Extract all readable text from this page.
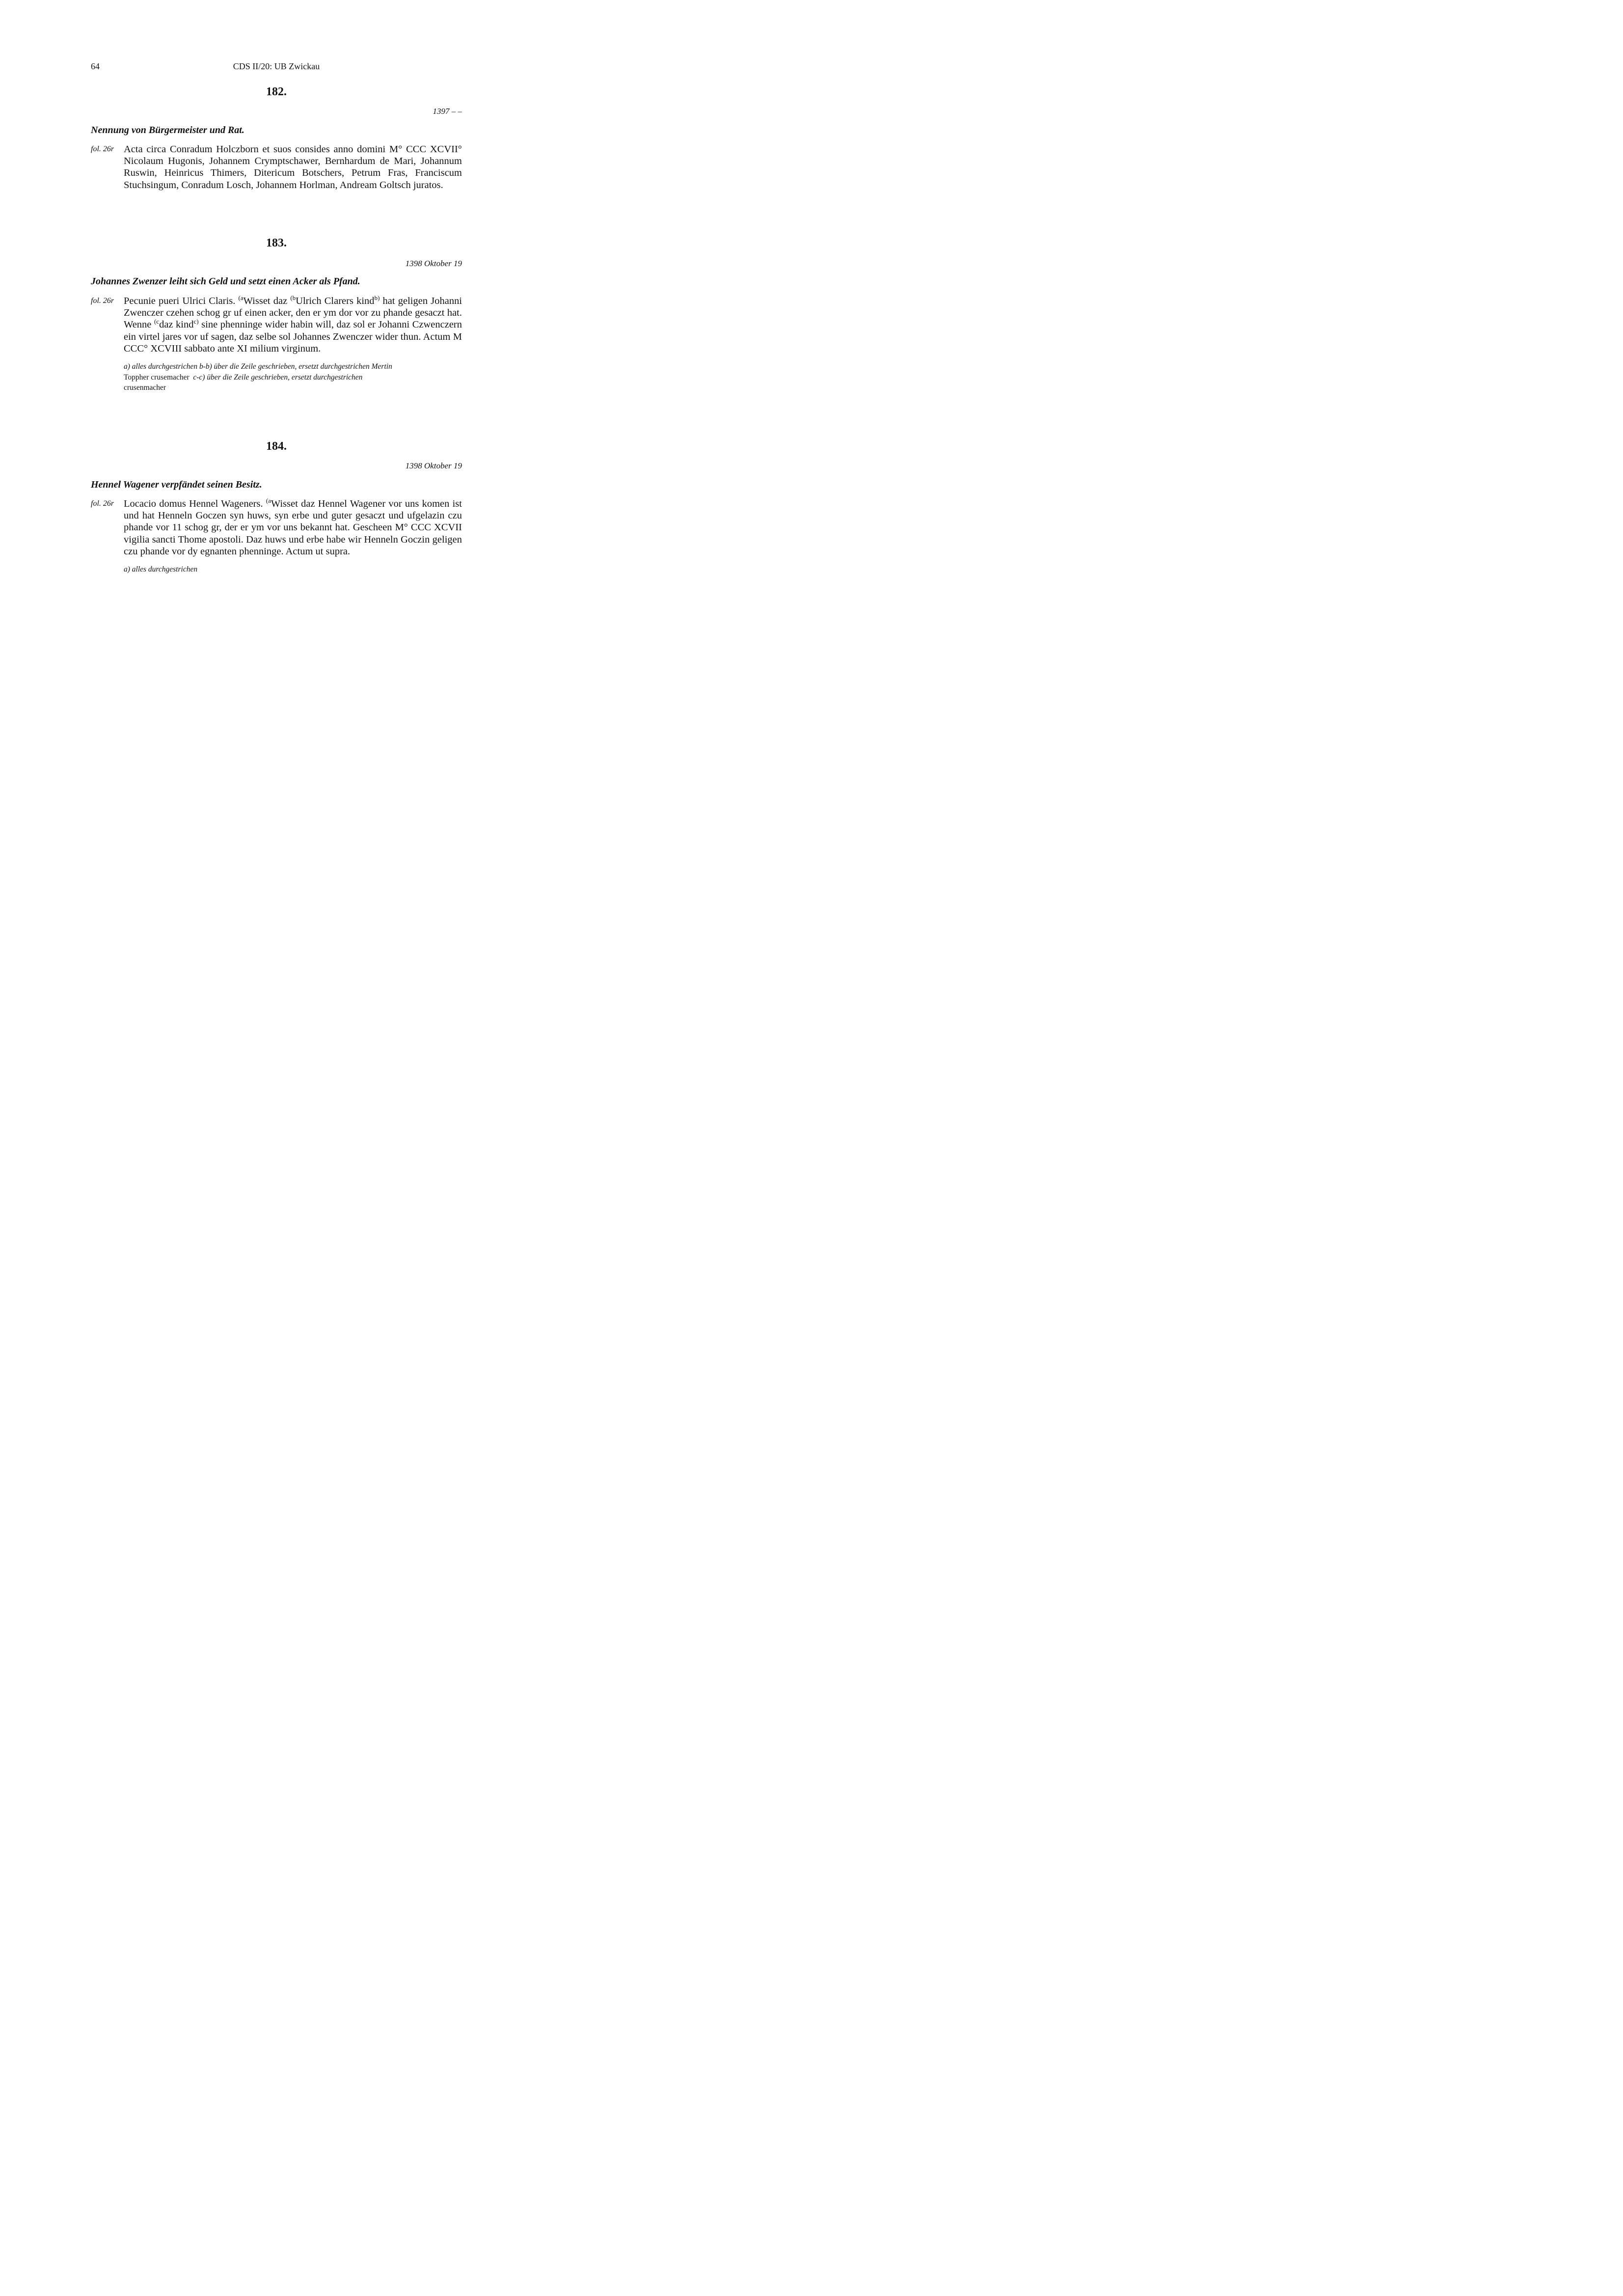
64	CDS II/20: UB Zwickau

182.

1397 – –

Nennung von Bürgermeister und Rat.

fol. 26r Acta circa Conradum Holczborn et suos consides anno domini M° CCC XCVII° Nicolaum Hugonis, Johannem Crymptschawer, Bernhardum de Mari, Johannum Ruswin, Heinricus Thimers, Ditericum Botschers, Petrum Fras, Franciscum Stuchsingum, Conradum Losch, Johannem Horlman, Andream Goltsch juratos.

183.

1398 Oktober 19

Johannes Zwenzer leiht sich Geld und setzt einen Acker als Pfand.

fol. 26r Pecunie pueri Ulrici Claris. $^{(a}$Wisset daz $^{(b}$Ulrich Clarers kind$^{b)}$ hat geligen Johanni Zwenczer czehen schog gr uf einen acker, den er ym dor vor zu phande gesaczt hat. Wenne $^{(c}$daz kind$^{c)}$ sine phenninge wider habin will, daz sol er Johanni Czwenczern ein virtel jares vor uf sagen, daz selbe sol Johannes Zwenczer wider thun. Actum M CCC° XCVIII sabbato ante XI milium virginum.

a) alles durchgestrichen b-b) über die Zeile geschrieben, ersetzt durchgestrichen Mertin
Toppher crusemacher c-c) über die Zeile geschrieben, ersetzt durchgestrichen
crusenmacher

184.

1398 Oktober 19

Hennel Wagener verpfändet seinen Besitz.

fol. 26r Locacio domus Hennel Wageners. $^{(a}$Wisset daz Hennel Wagener vor uns komen ist und hat Henneln Goczen syn huws, syn erbe und guter gesaczt und ufgelazin czu phande vor 11 schog gr, der er ym vor uns bekannt hat. Gescheen M° CCC XCVII vigilia sancti Thome apostoli. Daz huws und erbe habe wir Henneln Goczin geligen czu phande vor dy egnanten phenninge. Actum ut supra.

a) alles durchgestrichen
